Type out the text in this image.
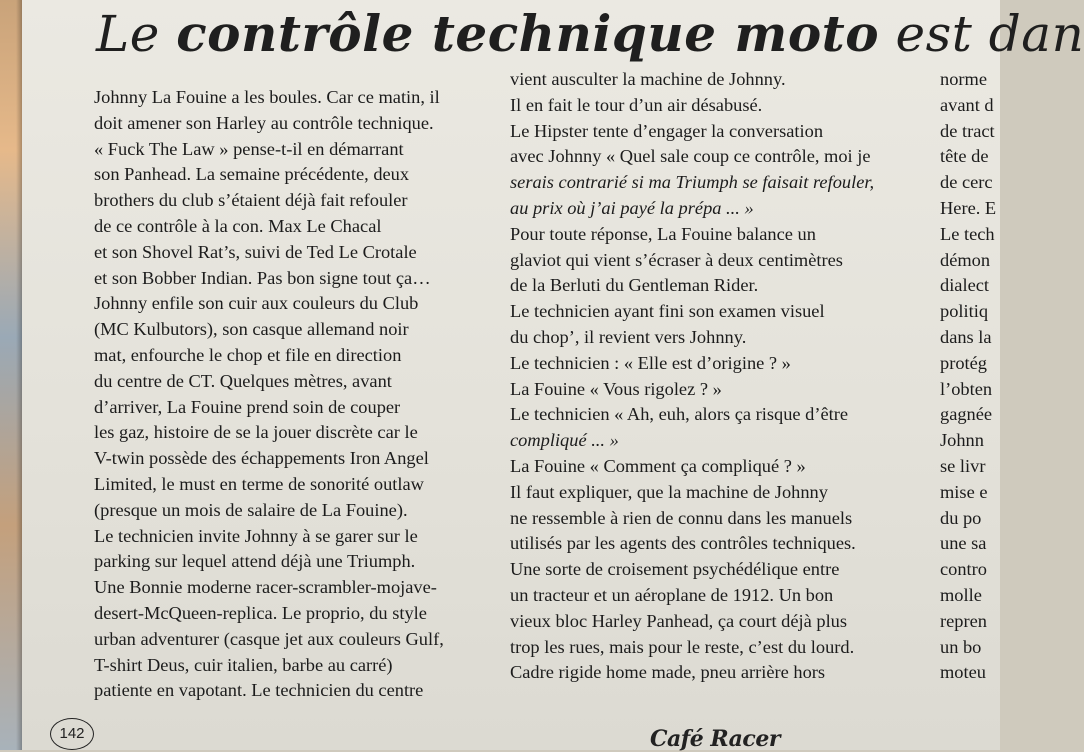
Le contrôle technique moto est dan
Johnny La Fouine a les boules. Car ce matin, il
doit amener son Harley au contrôle technique.
« Fuck The Law » pense-t-il en démarrant
son Panhead. La semaine précédente, deux
brothers du club s’étaient déjà fait refouler
de ce contrôle à la con. Max Le Chacal
et son Shovel Rat’s, suivi de Ted Le Crotale
et son Bobber Indian. Pas bon signe tout ça…
Johnny enfile son cuir aux couleurs du Club
(MC Kulbutors), son casque allemand noir
mat, enfourche le chop et file en direction
du centre de CT. Quelques mètres, avant
d’arriver, La Fouine prend soin de couper
les gaz, histoire de se la jouer discrète car le
V-twin possède des échappements Iron Angel
Limited, le must en terme de sonorité outlaw
(presque un mois de salaire de La Fouine).
Le technicien invite Johnny à se garer sur le
parking sur lequel attend déjà une Triumph.
Une Bonnie moderne racer-scrambler-mojave-
desert-McQueen-replica. Le proprio, du style
urban adventurer (casque jet aux couleurs Gulf,
T-shirt Deus, cuir italien, barbe au carré)
patiente en vapotant. Le technicien du centre
vient ausculter la machine de Johnny.
Il en fait le tour d’un air désabusé.
Le Hipster tente d’engager la conversation
avec Johnny « Quel sale coup ce contrôle, moi je
serais contrarié si ma Triumph se faisait refouler,
au prix où j’ai payé la prépa ... »
Pour toute réponse, La Fouine balance un
glaviot qui vient s’écraser à deux centimètres
de la Berluti du Gentleman Rider.
Le technicien ayant fini son examen visuel
du chop’, il revient vers Johnny.
Le technicien : « Elle est d’origine ? »
La Fouine « Vous rigolez ? »
Le technicien « Ah, euh, alors ça risque d’être
compliqué ... »
La Fouine « Comment ça compliqué ? »
Il faut expliquer, que la machine de Johnny
ne ressemble à rien de connu dans les manuels
utilisés par les agents des contrôles techniques.
Une sorte de croisement psychédélique entre
un tracteur et un aéroplane de 1912. Un bon
vieux bloc Harley Panhead, ça court déjà plus
trop les rues, mais pour le reste, c’est du lourd.
Cadre rigide home made, pneu arrière hors
norme
avant d
de tract
tête de
de cerc
Here. E
Le tech
démon
dialect
politiq
dans la
protég
l’obten
gagnée
Johnn
se livr
mise e
du po
une sa
contro
molle
repren
un bo
moteu
142	Café Racer
